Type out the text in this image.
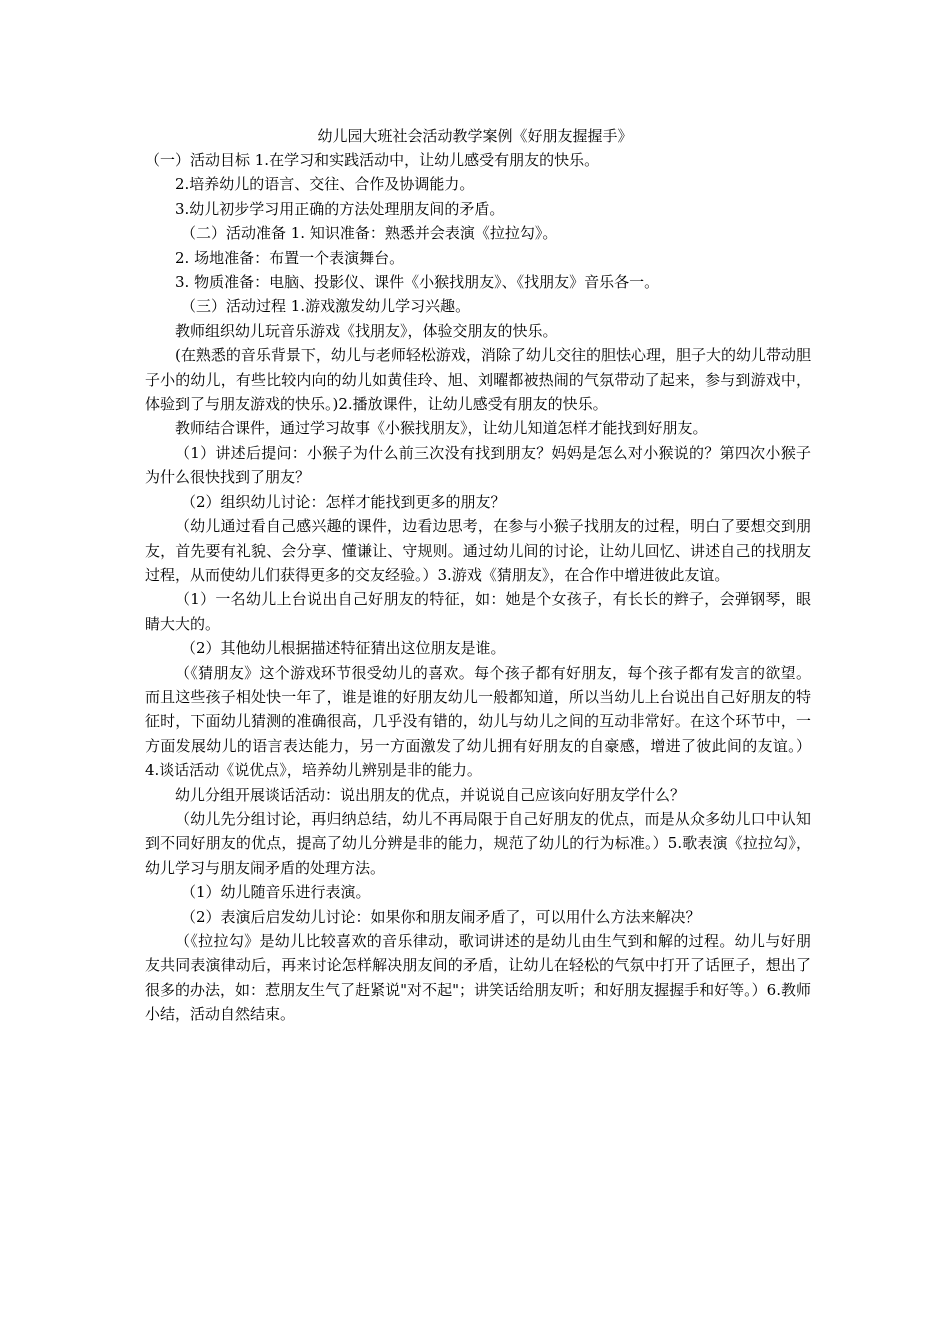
幼儿园大班社会活动教学案例《好朋友握握手》

（一）活动目标 1.在学习和实践活动中，让幼儿感受有朋友的快乐。

2.培养幼儿的语言、交往、合作及协调能力。

3.幼儿初步学习用正确的方法处理朋友间的矛盾。

（二）活动准备 1. 知识准备：熟悉并会表演《拉拉勾》。

2. 场地准备：布置一个表演舞台。

3. 物质准备：电脑、投影仪、课件《小猴找朋友》、《找朋友》音乐各一。

（三）活动过程 1.游戏激发幼儿学习兴趣。

教师组织幼儿玩音乐游戏《找朋友》，体验交朋友的快乐。

(在熟悉的音乐背景下，幼儿与老师轻松游戏，消除了幼儿交往的胆怯心理，胆子大的幼儿带动胆子小的幼儿，有些比较内向的幼儿如黄佳玲、旭、刘曜都被热闹的气氛带动了起来，参与到游戏中，体验到了与朋友游戏的快乐。)2.播放课件，让幼儿感受有朋友的快乐。

教师结合课件，通过学习故事《小猴找朋友》，让幼儿知道怎样才能找到好朋友。

（1）讲述后提问：小猴子为什么前三次没有找到朋友？妈妈是怎么对小猴说的？第四次小猴子为什么很快找到了朋友？

（2）组织幼儿讨论：怎样才能找到更多的朋友？

（幼儿通过看自己感兴趣的课件，边看边思考，在参与小猴子找朋友的过程，明白了要想交到朋友，首先要有礼貌、会分享、懂谦让、守规则。通过幼儿间的讨论，让幼儿回忆、讲述自己的找朋友过程，从而使幼儿们获得更多的交友经验。）3.游戏《猜朋友》，在合作中增进彼此友谊。

（1）一名幼儿上台说出自己好朋友的特征，如：她是个女孩子，有长长的辫子，会弹钢琴，眼睛大大的。

（2）其他幼儿根据描述特征猜出这位朋友是谁。

（《猜朋友》这个游戏环节很受幼儿的喜欢。每个孩子都有好朋友，每个孩子都有发言的欲望。而且这些孩子相处快一年了，谁是谁的好朋友幼儿一般都知道，所以当幼儿上台说出自己好朋友的特征时，下面幼儿猜测的准确很高，几乎没有错的，幼儿与幼儿之间的互动非常好。在这个环节中，一方面发展幼儿的语言表达能力，另一方面激发了幼儿拥有好朋友的自豪感，增进了彼此间的友谊。）4.谈话活动《说优点》，培养幼儿辨别是非的能力。

幼儿分组开展谈话活动：说出朋友的优点，并说说自己应该向好朋友学什么？

（幼儿先分组讨论，再归纳总结，幼儿不再局限于自己好朋友的优点，而是从众多幼儿口中认知到不同好朋友的优点，提高了幼儿分辨是非的能力，规范了幼儿的行为标准。）5.歌表演《拉拉勾》，幼儿学习与朋友闹矛盾的处理方法。

（1）幼儿随音乐进行表演。

（2）表演后启发幼儿讨论：如果你和朋友闹矛盾了，可以用什么方法来解决？

（《拉拉勾》是幼儿比较喜欢的音乐律动，歌词讲述的是幼儿由生气到和解的过程。幼儿与好朋友共同表演律动后，再来讨论怎样解决朋友间的矛盾，让幼儿在轻松的气氛中打开了话匣子，想出了很多的办法，如：惹朋友生气了赶紧说"对不起"；讲笑话给朋友听；和好朋友握握手和好等。）6.教师小结，活动自然结束。
